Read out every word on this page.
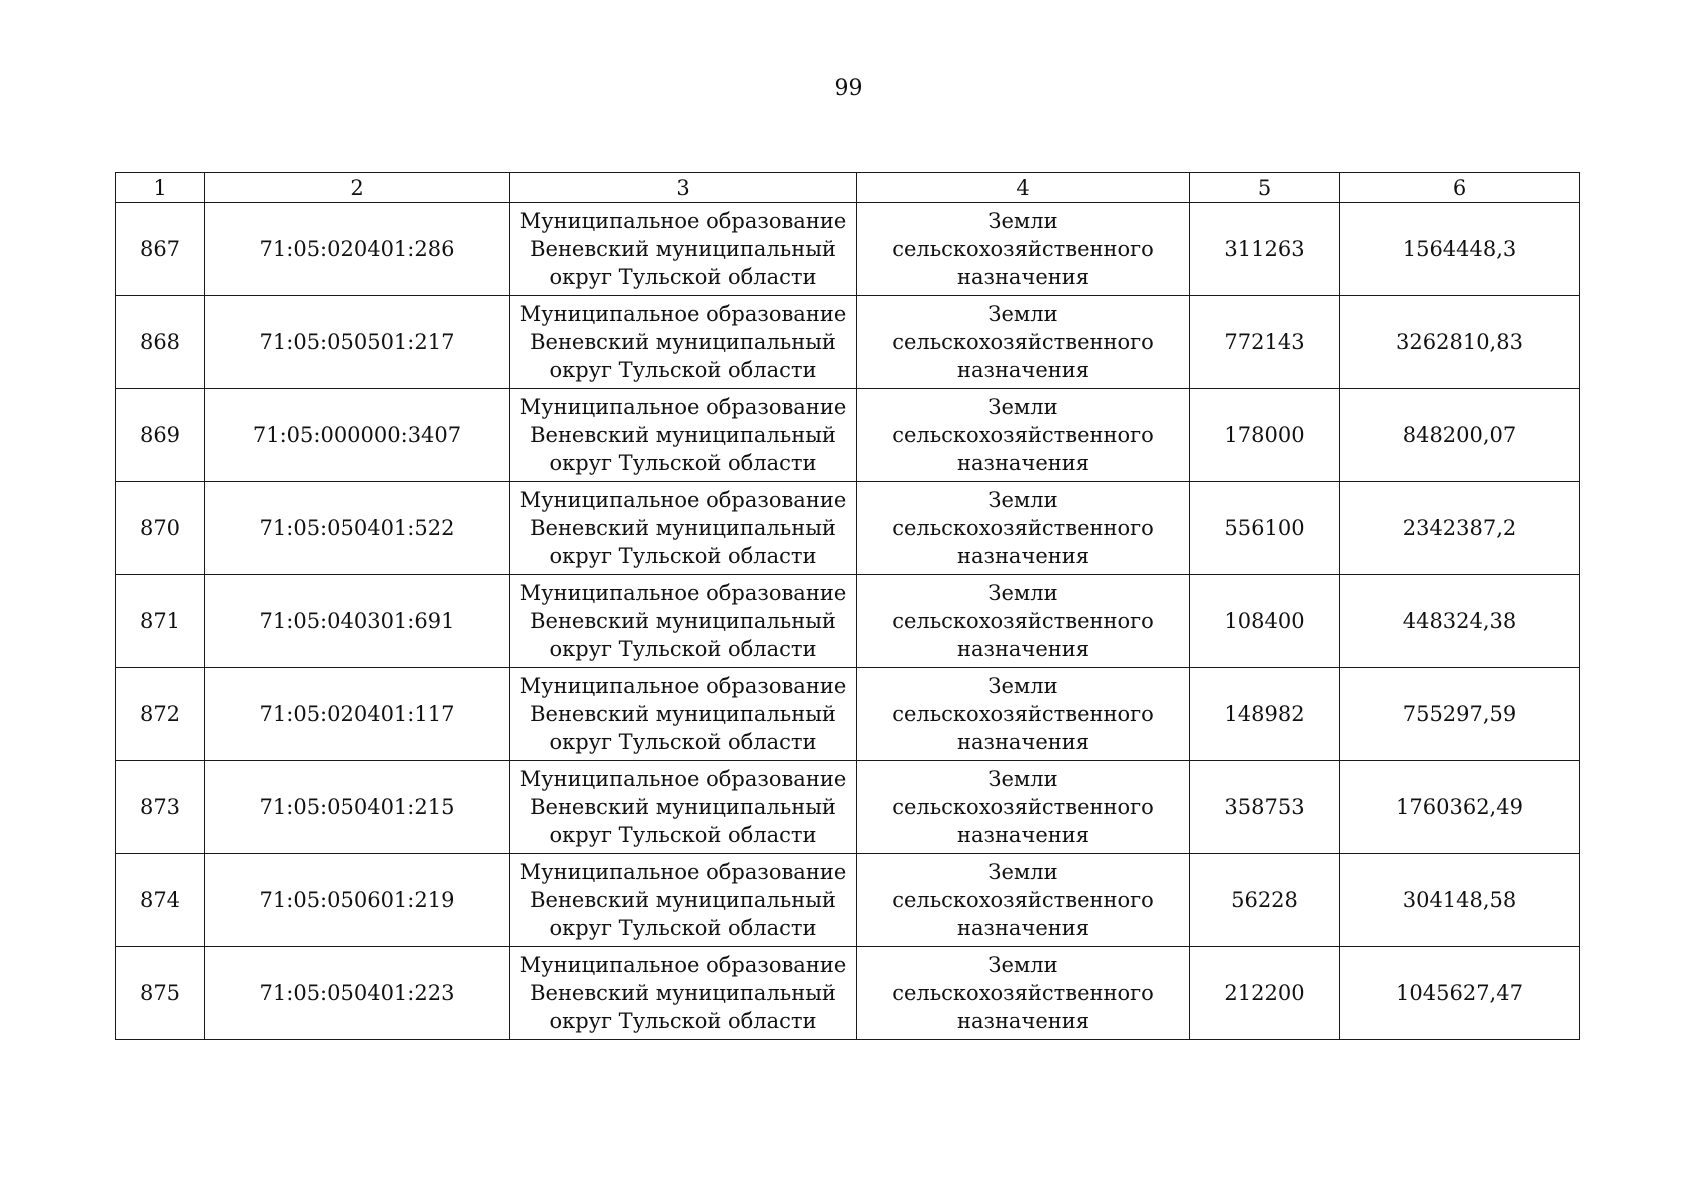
99
1	2	3	4	5	6
867	71:05:020401:286	Муниципальное образование
Веневский муниципальный
округ Тульской области	Земли
сельскохозяйственного
назначения	311263	1564448,3
868	71:05:050501:217	Муниципальное образование
Веневский муниципальный
округ Тульской области	Земли
сельскохозяйственного
назначения	772143	3262810,83
869	71:05:000000:3407	Муниципальное образование
Веневский муниципальный
округ Тульской области	Земли
сельскохозяйственного
назначения	178000	848200,07
870	71:05:050401:522	Муниципальное образование
Веневский муниципальный
округ Тульской области	Земли
сельскохозяйственного
назначения	556100	2342387,2
871	71:05:040301:691	Муниципальное образование
Веневский муниципальный
округ Тульской области	Земли
сельскохозяйственного
назначения	108400	448324,38
872	71:05:020401:117	Муниципальное образование
Веневский муниципальный
округ Тульской области	Земли
сельскохозяйственного
назначения	148982	755297,59
873	71:05:050401:215	Муниципальное образование
Веневский муниципальный
округ Тульской области	Земли
сельскохозяйственного
назначения	358753	1760362,49
874	71:05:050601:219	Муниципальное образование
Веневский муниципальный
округ Тульской области	Земли
сельскохозяйственного
назначения	56228	304148,58
875	71:05:050401:223	Муниципальное образование
Веневский муниципальный
округ Тульской области	Земли
сельскохозяйственного
назначения	212200	1045627,47
